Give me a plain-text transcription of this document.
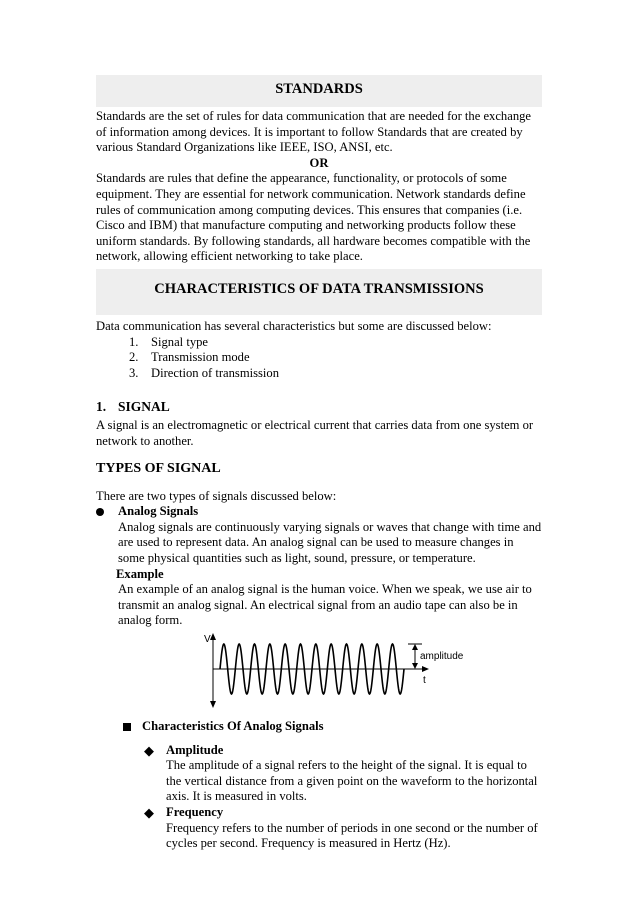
STANDARDS

Standards are the set of rules for data communication that are needed for the exchange of information among devices. It is important to follow Standards that are created by various Standard Organizations like IEEE, ISO, ANSI, etc.

OR

Standards are rules that define the appearance, functionality, or protocols of some equipment. They are essential for network communication. Network standards define rules of communication among computing devices. This ensures that companies (i.e. Cisco and IBM) that manufacture computing and networking products follow these uniform standards. By following standards, all hardware becomes compatible with the network, allowing efficient networking to take place.

CHARACTERISTICS OF DATA TRANSMISSIONS

Data communication has several characteristics but some are discussed below:

1. Signal type
2. Transmission mode
3. Direction of transmission
1. SIGNAL

A signal is an electromagnetic or electrical current that carries data from one system or network to another.

TYPES OF SIGNAL

There are two types of signals discussed below:

Analog Signals

Analog signals are continuously varying signals or waves that change with time and are used to represent data. An analog signal can be used to measure changes in some physical quantities such as light, sound, pressure, or temperature.

Example

An example of an analog signal is the human voice. When we speak, we use air to transmit an analog signal. An electrical signal from an audio tape can also be in analog form.

V
amplitude
t
Characteristics Of Analog Signals
◆ Amplitude

The amplitude of a signal refers to the height of the signal. It is equal to the vertical distance from a given point on the waveform to the horizontal axis. It is measured in volts.

◆ Frequency

Frequency refers to the number of periods in one second or the number of cycles per second. Frequency is measured in Hertz (Hz).
